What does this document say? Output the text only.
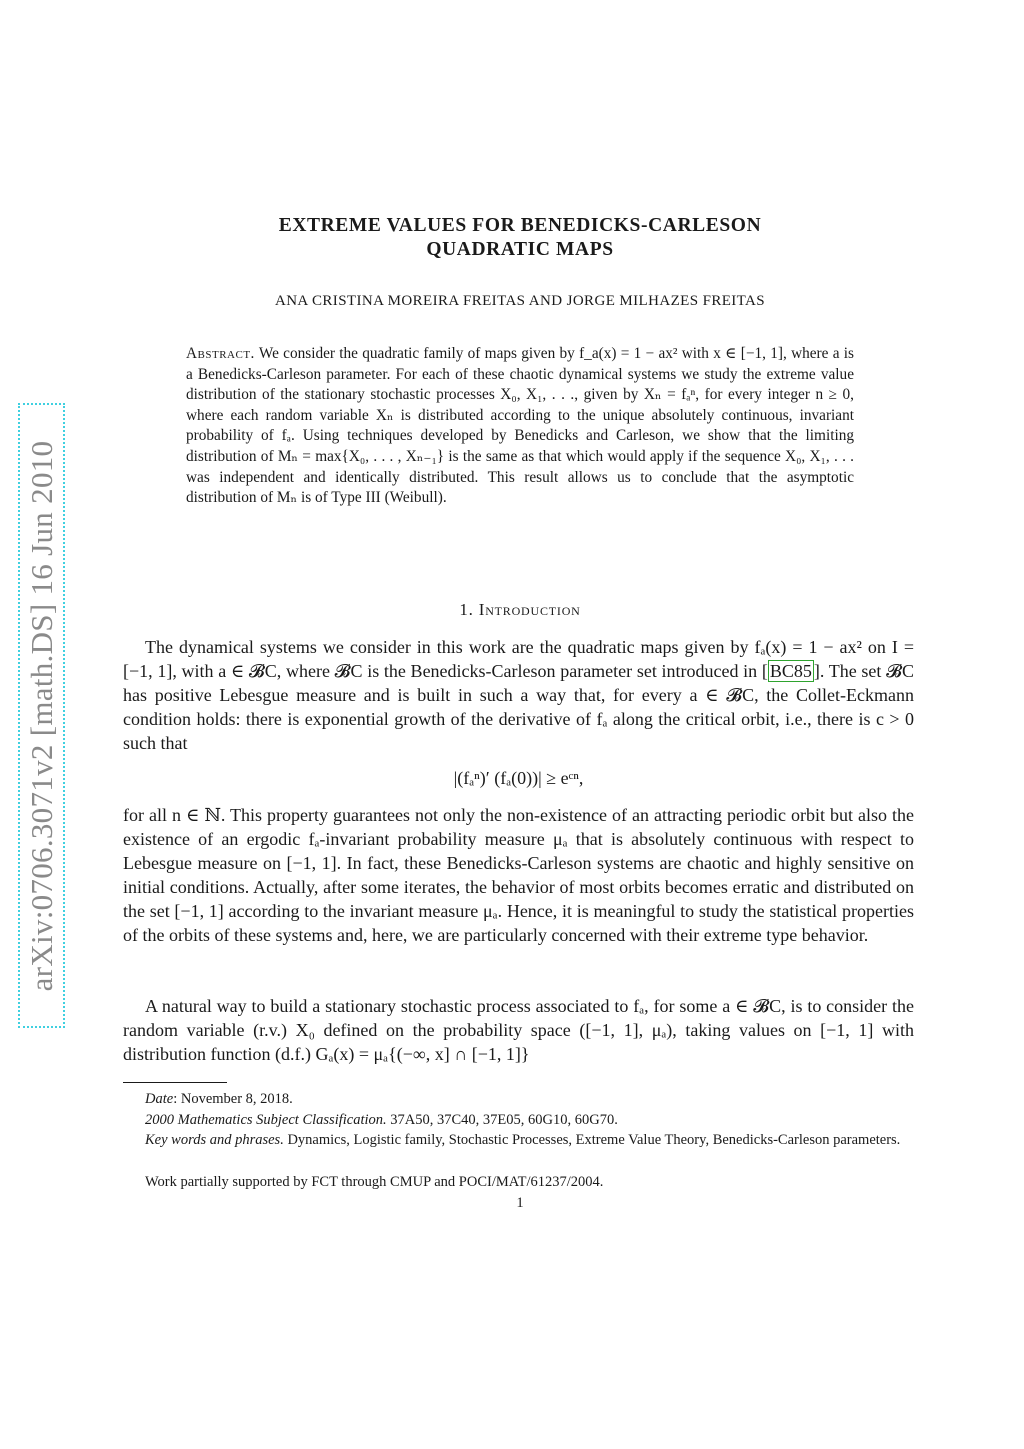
arXiv:0706.3071v2 [math.DS] 16 Jun 2010
EXTREME VALUES FOR BENEDICKS-CARLESON
QUADRATIC MAPS
ANA CRISTINA MOREIRA FREITAS AND JORGE MILHAZES FREITAS
Abstract. We consider the quadratic family of maps given by f_a(x) = 1 − ax² with x ∈ [−1, 1], where a is a Benedicks-Carleson parameter. For each of these chaotic dynamical systems we study the extreme value distribution of the stationary stochastic processes X₀, X₁, . . ., given by Xₙ = fₐⁿ, for every integer n ≥ 0, where each random variable Xₙ is distributed according to the unique absolutely continuous, invariant probability of fₐ. Using techniques developed by Benedicks and Carleson, we show that the limiting distribution of Mₙ = max{X₀, . . . , Xₙ₋₁} is the same as that which would apply if the sequence X₀, X₁, . . . was independent and identically distributed. This result allows us to conclude that the asymptotic distribution of Mₙ is of Type III (Weibull).
1. Introduction
The dynamical systems we consider in this work are the quadratic maps given by fₐ(x) = 1 − ax² on I = [−1, 1], with a ∈ 𝓑C, where 𝓑C is the Benedicks-Carleson parameter set introduced in [ BC85 ]. The set 𝓑C has positive Lebesgue measure and is built in such a way that, for every a ∈ 𝓑C, the Collet-Eckmann condition holds: there is exponential growth of the derivative of fₐ along the critical orbit, i.e., there is c > 0 such that
|(fₐⁿ)′ (fₐ(0))| ≥ eᶜⁿ,
for all n ∈ ℕ. This property guarantees not only the non-existence of an attracting periodic orbit but also the existence of an ergodic fₐ-invariant probability measure μₐ that is absolutely continuous with respect to Lebesgue measure on [−1, 1]. In fact, these Benedicks-Carleson systems are chaotic and highly sensitive on initial conditions. Actually, after some iterates, the behavior of most orbits becomes erratic and distributed on the set [−1, 1] according to the invariant measure μₐ. Hence, it is meaningful to study the statistical properties of the orbits of these systems and, here, we are particularly concerned with their extreme type behavior.
A natural way to build a stationary stochastic process associated to fₐ, for some a ∈ 𝓑C, is to consider the random variable (r.v.) X₀ defined on the probability space ([−1, 1], μₐ), taking values on [−1, 1] with distribution function (d.f.) Gₐ(x) = μₐ{(−∞, x] ∩ [−1, 1]}
Date: November 8, 2018.
2000 Mathematics Subject Classification. 37A50, 37C40, 37E05, 60G10, 60G70.
Key words and phrases. Dynamics, Logistic family, Stochastic Processes, Extreme Value Theory, Benedicks-Carleson parameters.
Work partially supported by FCT through CMUP and POCI/MAT/61237/2004.
1
